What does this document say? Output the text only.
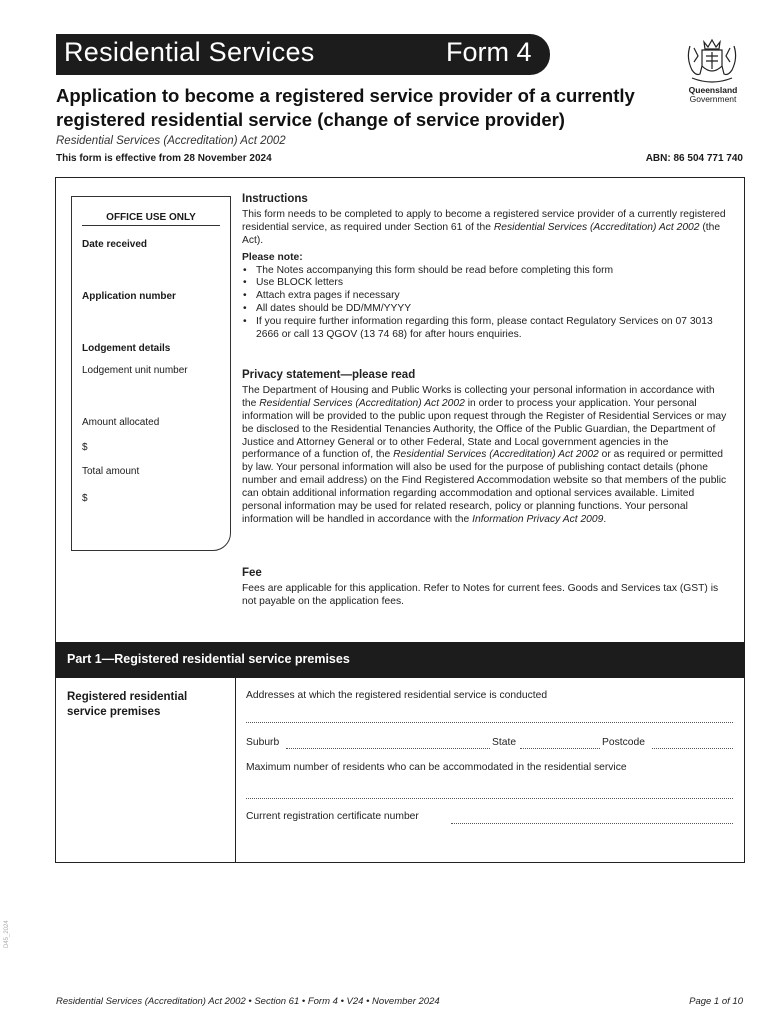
Residential Services	Form 4
Queensland
Government
Application to become a registered service provider of a currently registered residential service (change of service provider)
Residential Services (Accreditation) Act 2002
This form is effective from 28 November 2024	ABN: 86 504 771 740
OFFICE USE ONLY
Date received
Application number
Lodgement details
Lodgement unit number
Amount allocated
$
Total amount
$
Instructions
This form needs to be completed to apply to become a registered service provider of a currently registered residential service, as required under Section 61 of the Residential Services (Accreditation) Act 2002 (the Act).
Please note:
• The Notes accompanying this form should be read before completing this form
• Use BLOCK letters
• Attach extra pages if necessary
• All dates should be DD/MM/YYYY
• If you require further information regarding this form, please contact Regulatory Services on 07 3013 2666 or call 13 QGOV (13 74 68) for after hours enquiries.
Privacy statement—please read
The Department of Housing and Public Works is collecting your personal information in accordance with the Residential Services (Accreditation) Act 2002 in order to process your application. Your personal information will be provided to the public upon request through the Register of Residential Services or may be disclosed to the Residential Tenancies Authority, the Office of the Public Guardian, the Department of Justice and Attorney General or to other Federal, State and Local government agencies in the performance of a function of, the Residential Services (Accreditation) Act 2002 or as required or permitted by law. Your personal information will also be used for the purpose of publishing contact details (phone number and email address) on the Find Registered Accommodation website so that members of the public can obtain additional information regarding accommodation and optional services available. Limited personal information may be used for related research, policy or planning functions. Your personal information will be handled in accordance with the Information Privacy Act 2009.
Fee
Fees are applicable for this application. Refer to Notes for current fees. Goods and Services tax (GST) is not payable on the application fees.
Part 1—Registered residential service premises
Registered residential
service premises
Addresses at which the registered residential service is conducted
Suburb	State	Postcode
Maximum number of residents who can be accommodated in the residential service
Current registration certificate number
D45_2024
Residential Services (Accreditation) Act 2002 • Section 61 • Form 4 • V24 • November 2024	Page 1 of 10
